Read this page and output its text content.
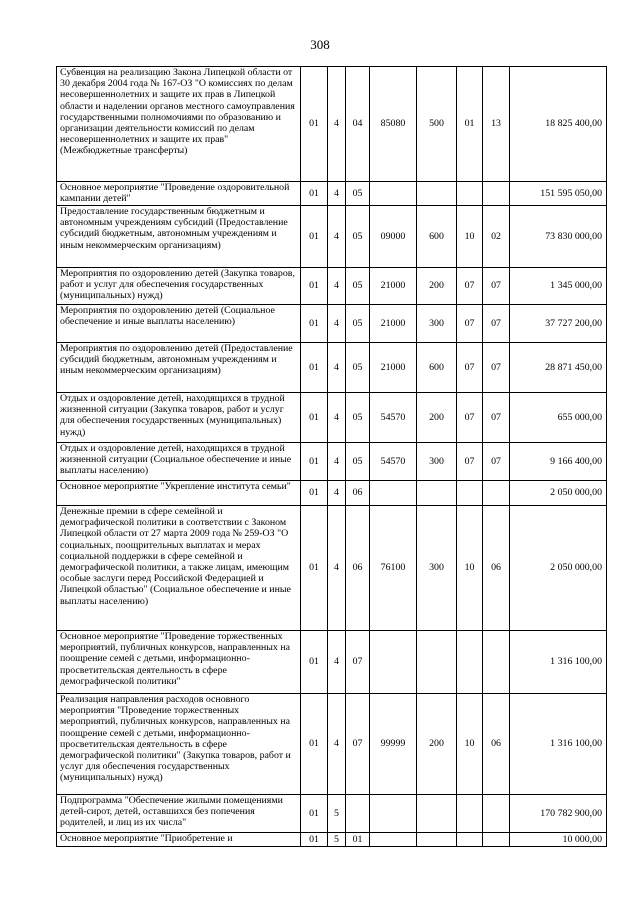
308
Субвенция на реализацию Закона Липецкой области от 30 декабря 2004 года № 167-ОЗ "О комиссиях по делам несовершеннолетних и защите их прав в Липецкой области и наделении органов местного самоуправления государственными полномочиями по образованию и организации деятельности комиссий по делам несовершеннолетних и защите их прав" (Межбюджетные трансферты)	01	4	04	85080	500	01	13	18 825 400,00
Основное мероприятие "Проведение оздоровительной кампании детей"	01	4	05					151 595 050,00
Предоставление государственным бюджетным и автономным учреждениям субсидий (Предоставление субсидий бюджетным, автономным учреждениям и иным некоммерческим организациям)	01	4	05	09000	600	10	02	73 830 000,00
Мероприятия по оздоровлению детей (Закупка товаров, работ и услуг для обеспечения государственных (муниципальных) нужд)	01	4	05	21000	200	07	07	1 345 000,00
Мероприятия по оздоровлению детей (Социальное обеспечение и иные выплаты населению)	01	4	05	21000	300	07	07	37 727 200,00
Мероприятия по оздоровлению детей (Предоставление субсидий бюджетным, автономным учреждениям и иным некоммерческим организациям)	01	4	05	21000	600	07	07	28 871 450,00
Отдых и оздоровление детей, находящихся в трудной жизненной ситуации (Закупка товаров, работ и услуг для обеспечения государственных (муниципальных) нужд)	01	4	05	54570	200	07	07	655 000,00
Отдых и оздоровление детей, находящихся в трудной жизненной ситуации (Социальное обеспечение и иные выплаты населению)	01	4	05	54570	300	07	07	9 166 400,00
Основное мероприятие "Укрепление института семьи"	01	4	06					2 050 000,00
Денежные премии в сфере семейной и демографической политики в соответствии с Законом Липецкой области от 27 марта 2009 года № 259-ОЗ "О социальных, поощрительных выплатах и мерах социальной поддержки в сфере семейной и демографической политики, а также лицам, имеющим особые заслуги перед Российской Федерацией и Липецкой областью" (Социальное обеспечение и иные выплаты населению)	01	4	06	76100	300	10	06	2 050 000,00
Основное мероприятие "Проведение торжественных мероприятий, публичных конкурсов, направленных на поощрение семей с детьми, информационно-просветительская деятельность в сфере демографической политики"	01	4	07					1 316 100,00
Реализация направления расходов основного мероприятия "Проведение торжественных мероприятий, публичных конкурсов, направленных на поощрение семей с детьми, информационно-просветительская деятельность в сфере демографической политики" (Закупка товаров, работ и услуг для обеспечения государственных (муниципальных) нужд)	01	4	07	99999	200	10	06	1 316 100,00
Подпрограмма "Обеспечение жилыми помещениями детей-сирот, детей, оставшихся без попечения родителей, и лиц из их числа"	01	5						170 782 900,00
Основное мероприятие "Приобретение и	01	5	01					10 000,00
